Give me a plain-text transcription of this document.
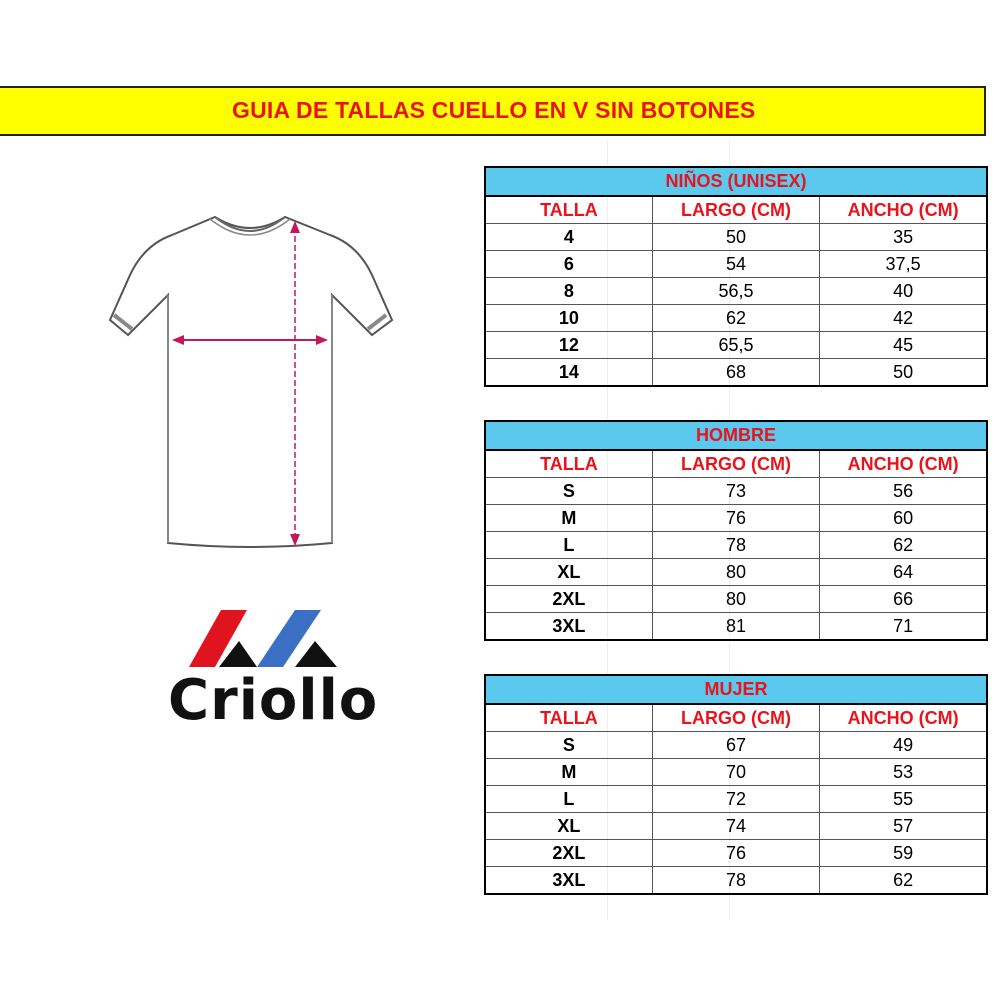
GUIA DE TALLAS CUELLO EN V SIN BOTONES
Criollo
NIÑOS (UNISEX)		
TALLA	LARGO (CM)	ANCHO (CM)
4	50	35
6	54	37,5
8	56,5	40
10	62	42
12	65,5	45
14	68	50
HOMBRE		
TALLA	LARGO (CM)	ANCHO (CM)
S	73	56
M	76	60
L	78	62
XL	80	64
2XL	80	66
3XL	81	71
MUJER		
TALLA	LARGO (CM)	ANCHO (CM)
S	67	49
M	70	53
L	72	55
XL	74	57
2XL	76	59
3XL	78	62
